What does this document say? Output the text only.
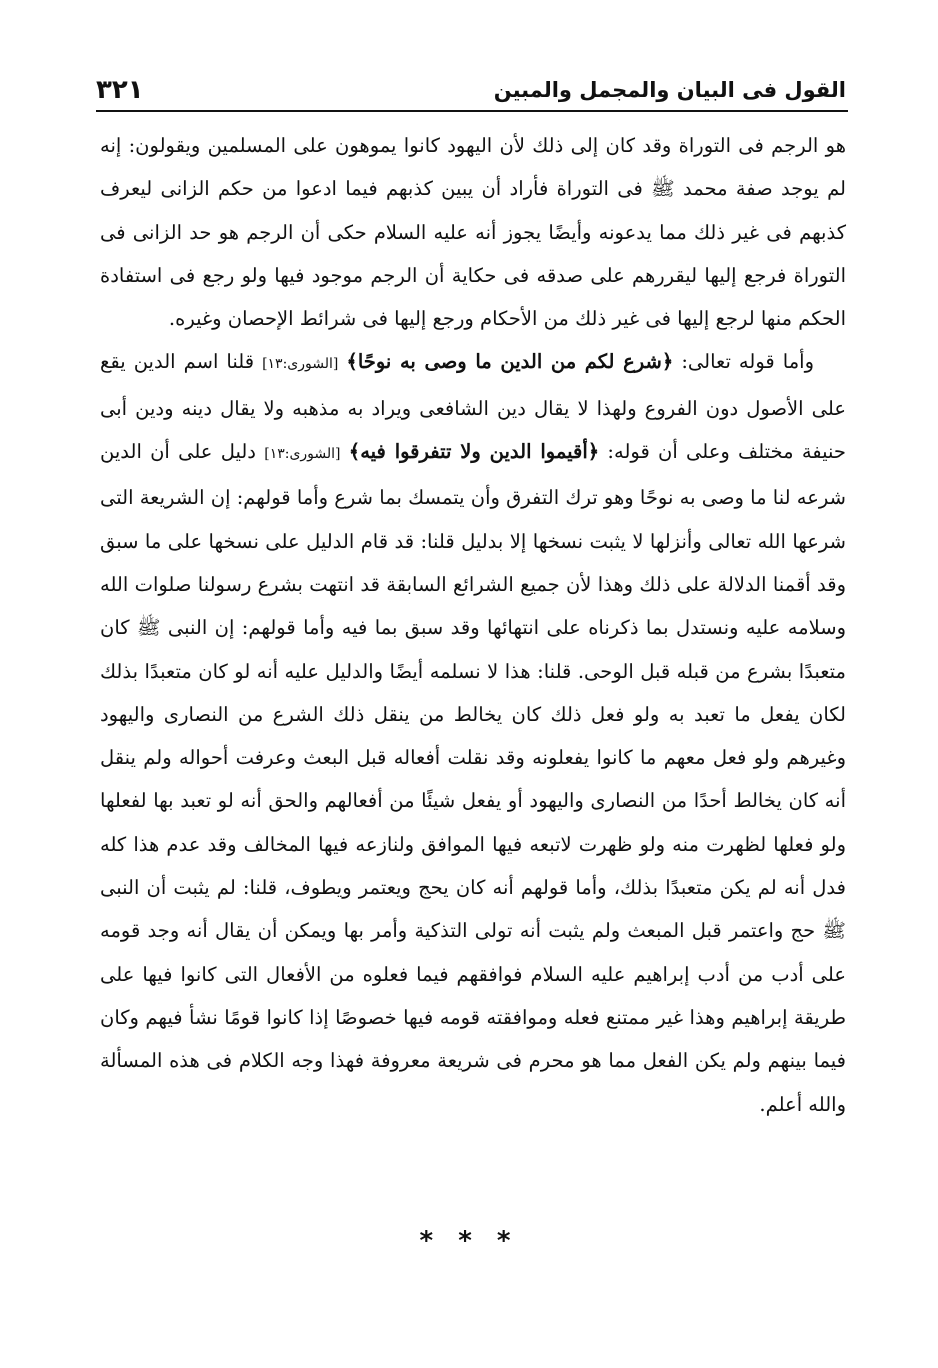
القول فى البيان والمجمل والمبين
٣٢١

هو الرجم فى التوراة وقد كان إلى ذلك لأن اليهود كانوا يموهون على المسلمين ويقولون: إنه لم يوجد صفة محمد ﷺ فى التوراة فأراد أن يبين كذبهم فيما ادعوا من حكم الزانى ليعرف كذبهم فى غير ذلك مما يدعونه وأيضًا يجوز أنه عليه السلام حكى أن الرجم هو حد الزانى فى التوراة فرجع إليها ليقررهم على صدقه فى حكاية أن الرجم موجود فيها ولو رجع فى استفادة الحكم منها لرجع إليها فى غير ذلك من الأحكام ورجع إليها فى شرائط الإحصان وغيره.

وأما قوله تعالى: ﴿شرع لكم من الدين ما وصى به نوحًا﴾ [الشورى:١٣] قلنا اسم الدين يقع على الأصول دون الفروع ولهذا لا يقال دين الشافعى ويراد به مذهبه ولا يقال دينه ودين أبى حنيفة مختلف وعلى أن قوله: ﴿أقيموا الدين ولا تتفرقوا فيه﴾ [الشورى:١٣] دليل على أن الدين شرعه لنا ما وصى به نوحًا وهو ترك التفرق وأن يتمسك بما شرع وأما قولهم: إن الشريعة التى شرعها الله تعالى وأنزلها لا يثبت نسخها إلا بدليل قلنا: قد قام الدليل على نسخها على ما سبق وقد أقمنا الدلالة على ذلك وهذا لأن جميع الشرائع السابقة قد انتهت بشرع رسولنا صلوات الله وسلامه عليه ونستدل بما ذكرناه على انتهائها وقد سبق بما فيه وأما قولهم: إن النبى ﷺ كان متعبدًا بشرع من قبله قبل الوحى. قلنا: هذا لا نسلمه أيضًا والدليل عليه أنه لو كان متعبدًا بذلك لكان يفعل ما تعبد به ولو فعل ذلك كان يخالط من ينقل ذلك الشرع من النصارى واليهود وغيرهم ولو فعل معهم ما كانوا يفعلونه وقد نقلت أفعاله قبل البعث وعرفت أحواله ولم ينقل أنه كان يخالط أحدًا من النصارى واليهود أو يفعل شيئًا من أفعالهم والحق أنه لو تعبد بها لفعلها ولو فعلها لظهرت منه ولو ظهرت لاتبعه فيها الموافق ولنازعه فيها المخالف وقد عدم هذا كله فدل أنه لم يكن متعبدًا بذلك، وأما قولهم أنه كان يحج ويعتمر ويطوف، قلنا: لم يثبت أن النبى ﷺ حج واعتمر قبل المبعث ولم يثبت أنه تولى التذكية وأمر بها ويمكن أن يقال أنه وجد قومه على أدب من أدب إبراهيم عليه السلام فوافقهم فيما فعلوه من الأفعال التى كانوا فيها على طريقة إبراهيم وهذا غير ممتنع فعله وموافقته قومه فيها خصوصًا إذا كانوا قومًا نشأ فيهم وكان فيما بينهم ولم يكن الفعل مما هو محرم فى شريعة معروفة فهذا وجه الكلام فى هذه المسألة والله أعلم.

* * *
